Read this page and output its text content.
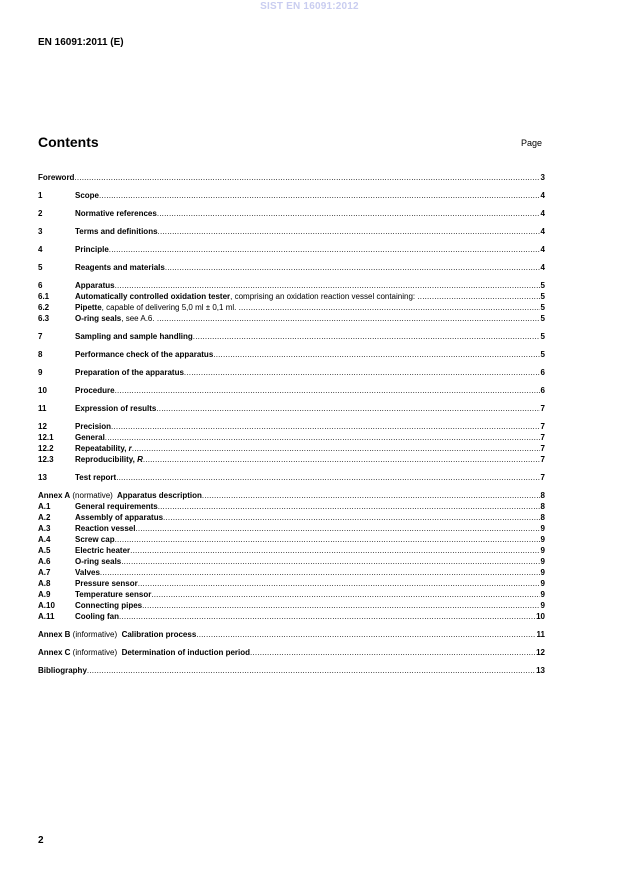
SIST EN 16091:2012
EN 16091:2011 (E)
Contents	Page
Foreword .....	3
1	Scope .....	4
2	Normative references .....	4
3	Terms and definitions .....	4
4	Principle .....	4
5	Reagents and materials .....	4
6	Apparatus .....	5
6.1	Automatically controlled oxidation tester , comprising an oxidation reaction vessel containing: .....	5
6.2	Pipette , capable of delivering 5,0 ml ± 0,1 ml. .....	5
6.3	O-ring seals , see A.6. .....	5
7	Sampling and sample handling .....	5
8	Performance check of the apparatus .....	5
9	Preparation of the apparatus .....	6
10	Procedure .....	6
11	Expression of results .....	7
12	Precision .....	7
12.1	General .....	7
12.2	Repeatability, r .....	7
12.3	Reproducibility, R .....	7
13	Test report .....	7
Annex A (normative) Apparatus description .....	8
A.1	General requirements .....	8
A.2	Assembly of apparatus .....	8
A.3	Reaction vessel .....	9
A.4	Screw cap .....	9
A.5	Electric heater .....	9
A.6	O-ring seals .....	9
A.7	Valves .....	9
A.8	Pressure sensor .....	9
A.9	Temperature sensor .....	9
A.10	Connecting pipes .....	9
A.11	Cooling fan .....	10
Annex B (informative) Calibration process .....	11
Annex C (informative) Determination of induction period .....	12
Bibliography .....	13
2
